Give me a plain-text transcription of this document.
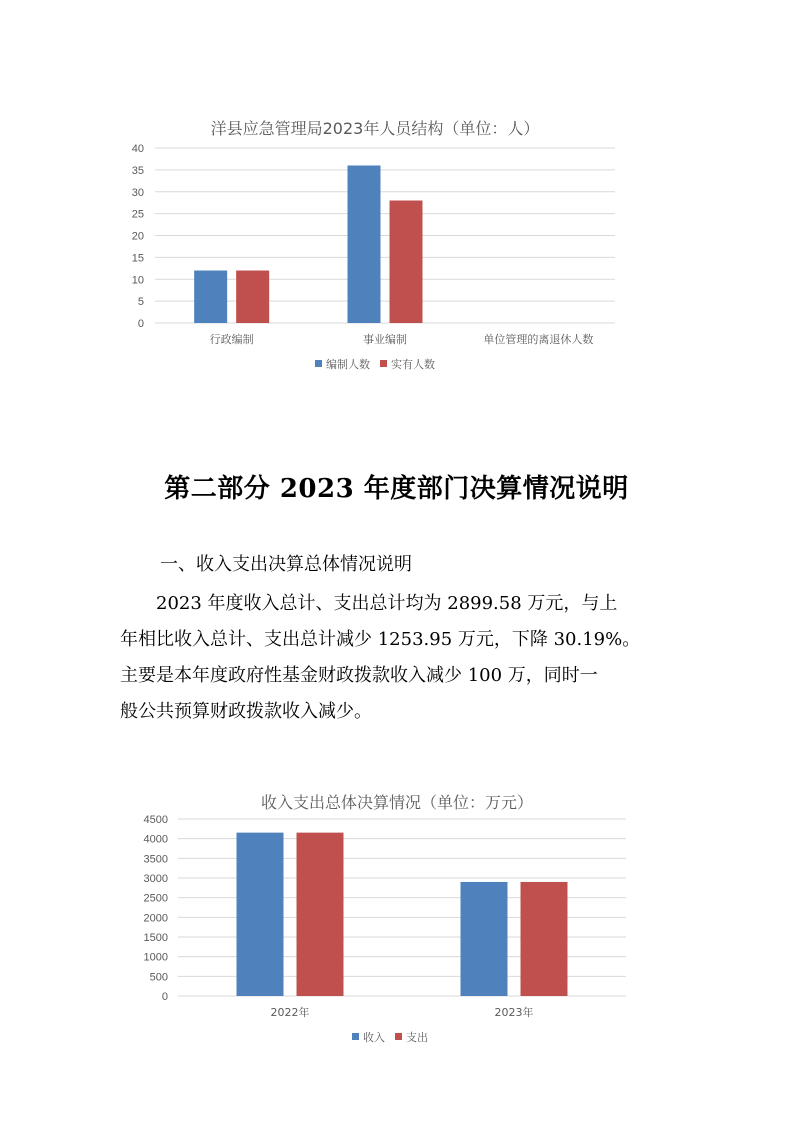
洋县应急管理局2023年人员结构（单位：人）
0
5
10
15
20
25
30
35
40
行政编制	事业编制	单位管理的离退休人数
编制人数 实有人数
第二部分 2023 年度部门决算情况说明
一、收入支出决算总体情况说明

2023 年度收入总计、支出总计均为 2899.58 万元，与上
年相比收入总计、支出总计减少 1253.95 万元，下降 30.19%。
主要是本年度政府性基金财政拨款收入减少 100 万，同时一
般公共预算财政拨款收入减少。

收入支出总体决算情况（单位：万元）
0
500
1000
1500
2000
2500
3000
3500
4000
4500
2022年	2023年
收入 支出
